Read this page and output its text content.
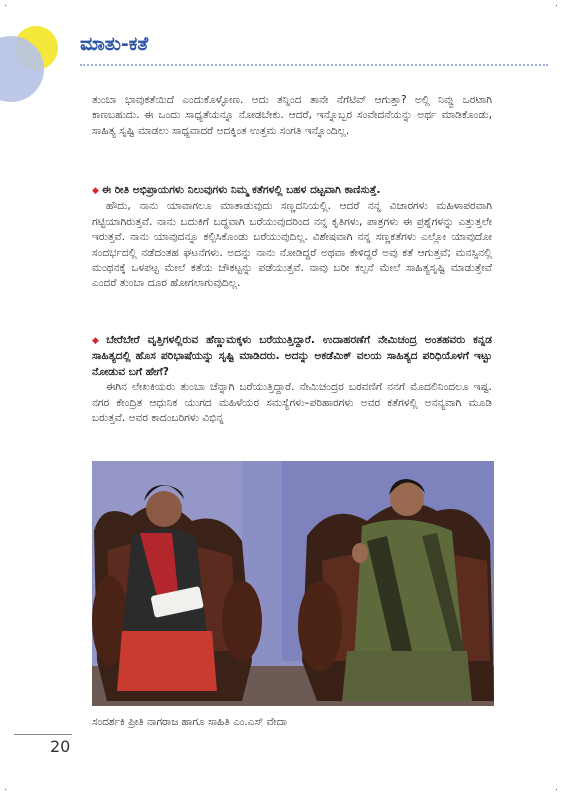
·	·
·	·
ಮಾತು-ಕತೆ

ತುಂಬಾ ಭಾವುಕತೆಯಿದೆ ಎಂದುಕೊಳ್ಳೋಣ. ಅದು ತನ್ನಿಂದ ತಾನೇ ನೆಗೆಟಿವ್ ಆಗುತ್ತಾ? ಅಲ್ಲಿ ನಿವ್ವು ಒರಟಾಗಿ ಕಾಣಬಹುದು. ಈ ಒಂದು ಸಾಧ್ಯತೆಯನ್ನೂ ನೋಡಬೇಕು. ಆದರೆ, ಇನ್ನೊಬ್ಬರ ಸಂವೇದನೆಯನ್ನು ಅರ್ಥ ಮಾಡಿಕೊಂಡು, ಸಾಹಿತ್ಯ ಸೃಷ್ಟಿ ಮಾಡಲು ಸಾಧ್ಯವಾದರೆ ಅದಕ್ಕಿಂತ ಉತ್ತಮ ಸಂಗತಿ ಇನ್ನೊಂದಿಲ್ಲ.

◆ ಈ ರೀತಿ ಅಭಿಪ್ರಾಯಗಳು ನಿಲುವುಗಳು ನಿಮ್ಮ ಕತೆಗಳಲ್ಲಿ ಬಹಳ ದಟ್ಟವಾಗಿ ಕಾಣಿಸುತ್ತೆ.

ಹೌದು, ನಾನು ಯಾವಾಗಲೂ ಮಾತಾಡುವುದು ಸಣ್ಣದನಿಯಲ್ಲಿ. ಆದರೆ ನನ್ನ ವಿಚಾರಗಳು ಮಹಿಳಾಪರವಾಗಿ ಗಟ್ಟಿಯಾಗಿರುತ್ತವೆ. ನಾನು ಬದುಕಿಗೆ ಬದ್ಧವಾಗಿ ಬರೆಯುವುದರಿಂದ ನನ್ನ ಕೃತಿಗಳು, ಪಾತ್ರಗಳು ಈ ಪ್ರಶ್ನೆಗಳನ್ನು ಎತ್ತುತ್ತಲೇ ಇರುತ್ತವೆ. ನಾನು ಯಾವುದನ್ನೂ ಕಲ್ಪಿಸಿಕೊಂಡು ಬರೆಯುವುದಿಲ್ಲ. ವಿಶೇಷವಾಗಿ ನನ್ನ ಸಣ್ಣಕತೆಗಳು ಎಲ್ಲೋ ಯಾವುದೋ ಸಂದರ್ಭದಲ್ಲಿ ನಡೆದಂತಹ ಘಟನೆಗಳು. ಅದನ್ನು ನಾನು ನೋಡಿದ್ದರೆ ಅಥವಾ ಕೇಳಿದ್ದರೆ ಅವು ಕತೆ ಆಗುತ್ತವೆ; ಮನಸ್ಸಿನಲ್ಲಿ ಮಂಥನಕ್ಕೆ ಒಳಪಟ್ಟ ಮೇಲೆ ಕತೆಯ ಚೌಕಟ್ಟನ್ನು ಪಡೆಯುತ್ತವೆ. ನಾವು ಬರೀ ಕಲ್ಪನೆ ಮೇಲೆ ಸಾಹಿತ್ಯಸೃಷ್ಟಿ ಮಾಡುತ್ತೇವೆ ಎಂದರೆ ತುಂಬಾ ದೂರ ಹೋಗಲಾಗುವುದಿಲ್ಲ.

◆ ಬೇರೆಬೇರೆ ವೃತ್ತಿಗಳಲ್ಲಿರುವ ಹೆಣ್ಣುಮಕ್ಕಳು ಬರೆಯುತ್ತಿದ್ದಾರೆ. ಉದಾಹರಣೆಗೆ ನೇಮಿಚಂದ್ರ ಅಂತಹವರು ಕನ್ನಡ ಸಾಹಿತ್ಯದಲ್ಲಿ ಹೊಸ ಪರಿಭಾಷೆಯನ್ನು ಸೃಷ್ಟಿ ಮಾಡಿದರು. ಅದನ್ನು ಅಕಡೆಮಿಕ್ ವಲಯ ಸಾಹಿತ್ಯದ ಪರಿಧಿಯೊಳಗೆ ಇಟ್ಟು ನೋಡುವ ಬಗೆ ಹೇಗೆ?

ಈಗಿನ ಲೇಖಕಿಯರು ತುಂಬಾ ಚೆನ್ನಾಗಿ ಬರೆಯುತ್ತಿದ್ದಾರೆ. ನೇಮಿಚಂದ್ರರ ಬರವಣಿಗೆ ನನಗೆ ಮೊದಲಿನಿಂದಲೂ ಇಷ್ಟ. ನಗರ ಕೇಂದ್ರಿತ ಆಧುನಿಕ ಯುಗದ ಮಹಿಳೆಯರ ಸಮಸ್ಯೆಗಳು–ಪರಿಹಾರಗಳು ಅವರ ಕತೆಗಳಲ್ಲಿ ಅನನ್ಯವಾಗಿ ಮೂಡಿ ಬರುತ್ತವೆ. ಅವರ ಕಾದಂಬರಿಗಳು ವಿಭಿನ್ನ

ಸಂದರ್ಶಕಿ ಪ್ರೀತಿ ನಾಗರಾಜ ಹಾಗೂ ಸಾಹಿತಿ ಎಂ.ಎಸ್ ವೇದಾ
20
